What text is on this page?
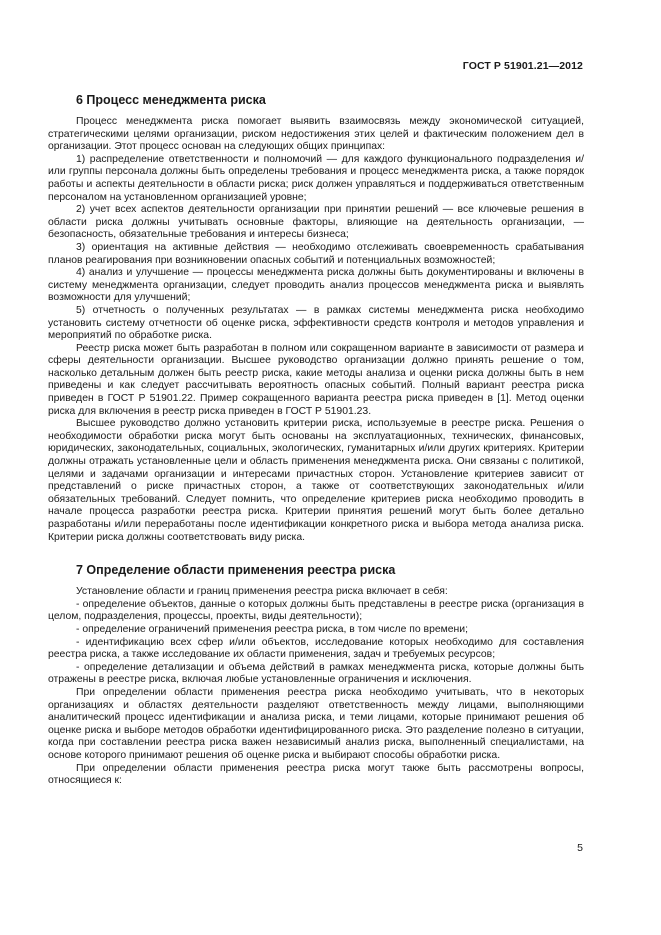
ГОСТ Р 51901.21—2012
6 Процесс менеджмента риска

Процесс менеджмента риска помогает выявить взаимосвязь между экономической ситуацией, стратегическими целями организации, риском недостижения этих целей и фактическим положением дел в организации. Этот процесс основан на следующих общих принципах:

1) распределение ответственности и полномочий — для каждого функционального подразделения и/или группы персонала должны быть определены требования и процесс менеджмента риска, а также порядок работы и аспекты деятельности в области риска; риск должен управляться и поддерживаться ответственным персоналом на установленном организацией уровне;

2) учет всех аспектов деятельности организации при принятии решений — все ключевые решения в области риска должны учитывать основные факторы, влияющие на деятельность организации, — безопасность, обязательные требования и интересы бизнеса;

3) ориентация на активные действия — необходимо отслеживать своевременность срабатывания планов реагирования при возникновении опасных событий и потенциальных возможностей;

4) анализ и улучшение — процессы менеджмента риска должны быть документированы и включены в систему менеджмента организации, следует проводить анализ процессов менеджмента риска и выявлять возможности для улучшений;

5) отчетность о полученных результатах — в рамках системы менеджмента риска необходимо установить систему отчетности об оценке риска, эффективности средств контроля и методов управления и мероприятий по обработке риска.

Реестр риска может быть разработан в полном или сокращенном варианте в зависимости от размера и сферы деятельности организации. Высшее руководство организации должно принять решение о том, насколько детальным должен быть реестр риска, какие методы анализа и оценки риска должны быть в нем приведены и как следует рассчитывать вероятность опасных событий. Полный вариант реестра риска приведен в ГОСТ Р 51901.22. Пример сокращенного варианта реестра риска приведен в [1]. Метод оценки риска для включения в реестр риска приведен в ГОСТ Р 51901.23.

Высшее руководство должно установить критерии риска, используемые в реестре риска. Решения о необходимости обработки риска могут быть основаны на эксплуатационных, технических, финансовых, юридических, законодательных, социальных, экологических, гуманитарных и/или других критериях. Критерии должны отражать установленные цели и область применения менеджмента риска. Они связаны с политикой, целями и задачами организации и интересами причастных сторон. Установление критериев зависит от представлений о риске причастных сторон, а также от соответствующих законодательных и/или обязательных требований. Следует помнить, что определение критериев риска необходимо проводить в начале процесса разработки реестра риска. Критерии принятия решений могут быть более детально разработаны и/или переработаны после идентификации конкретного риска и выбора метода анализа риска. Критерии риска должны соответствовать виду риска.

7 Определение области применения реестра риска

Установление области и границ применения реестра риска включает в себя:

- определение объектов, данные о которых должны быть представлены в реестре риска (организация в целом, подразделения, процессы, проекты, виды деятельности);

- определение ограничений применения реестра риска, в том числе по времени;

- идентификацию всех сфер и/или объектов, исследование которых необходимо для составления реестра риска, а также исследование их области применения, задач и требуемых ресурсов;

- определение детализации и объема действий в рамках менеджмента риска, которые должны быть отражены в реестре риска, включая любые установленные ограничения и исключения.

При определении области применения реестра риска необходимо учитывать, что в некоторых организациях и областях деятельности разделяют ответственность между лицами, выполняющими аналитический процесс идентификации и анализа риска, и теми лицами, которые принимают решения об оценке риска и выборе методов обработки идентифицированного риска. Это разделение полезно в ситуации, когда при составлении реестра риска важен независимый анализ риска, выполненный специалистами, на основе которого принимают решения об оценке риска и выбирают способы обработки риска.

При определении области применения реестра риска могут также быть рассмотрены вопросы, относящиеся к:

5
